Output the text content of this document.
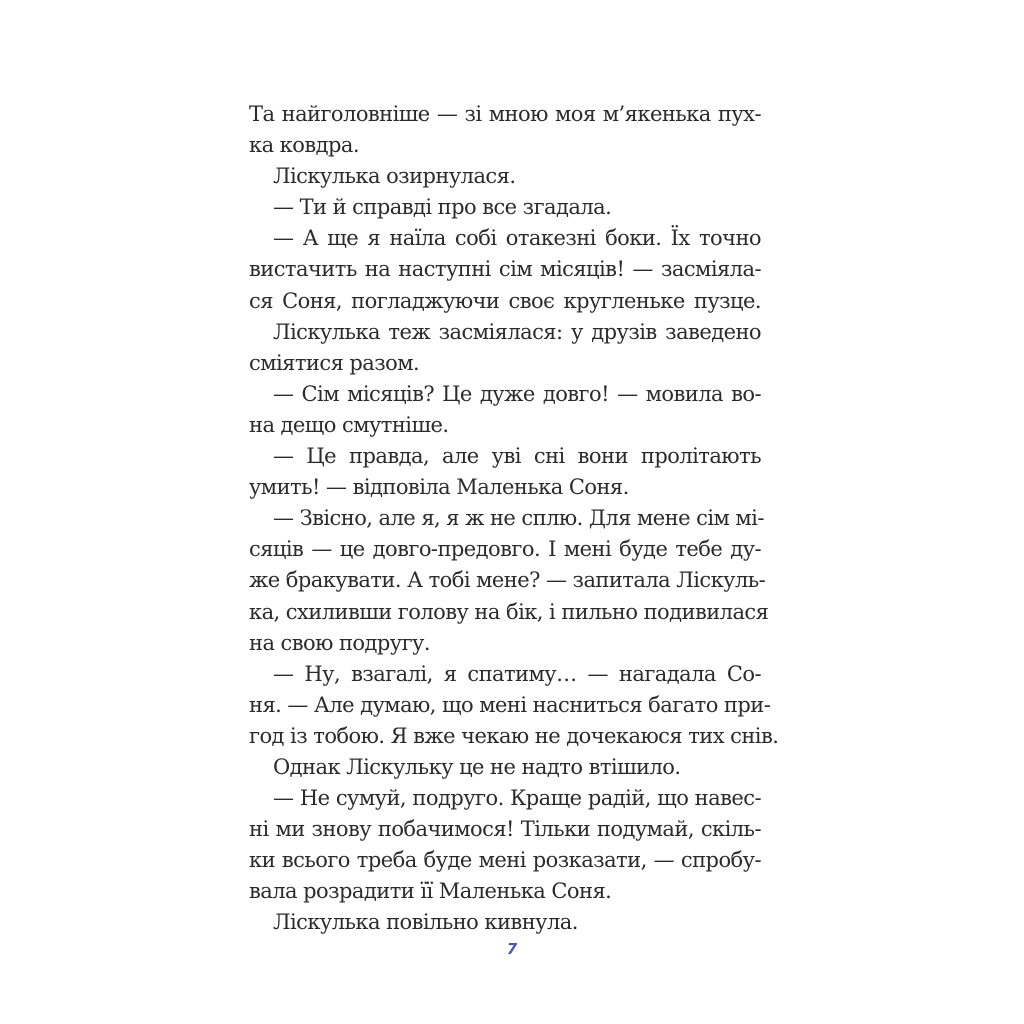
Та найголовніше — зі мною моя м’якенька пух-
ка ковдра.
Ліскулька озирнулася.
— Ти й справді про все згадала.
— А ще я наїла собі отакезні боки. Їх точно
вистачить на наступні сім місяців! — засміяла-
ся Соня, погладжуючи своє кругленьке пузце.
Ліскулька теж засміялася: у друзів заведено
сміятися разом.
— Сім місяців? Це дуже довго! — мовила во-
на дещо смутніше.
— Це правда, але уві сні вони пролітають
умить! — відповіла Маленька Соня.
— Звісно, але я, я ж не сплю. Для мене сім мі-
сяців — це довго-предовго. І мені буде тебе ду-
же бракувати. А тобі мене? — запитала Ліскуль-
ка, схиливши голову на бік, і пильно подивилася
на свою подругу.
— Ну, взагалі, я спатиму… — нагадала Со-
ня. — Але думаю, що мені насниться багато при-
год із тобою. Я вже чекаю не дочекаюся тих снів.
Однак Ліскульку це не надто втішило.
— Не сумуй, подруго. Краще радій, що навес-
ні ми знову побачимося! Тільки подумай, скіль-
ки всього треба буде мені розказати, — спробу-
вала розрадити її Маленька Соня.
Ліскулька повільно кивнула.
7
